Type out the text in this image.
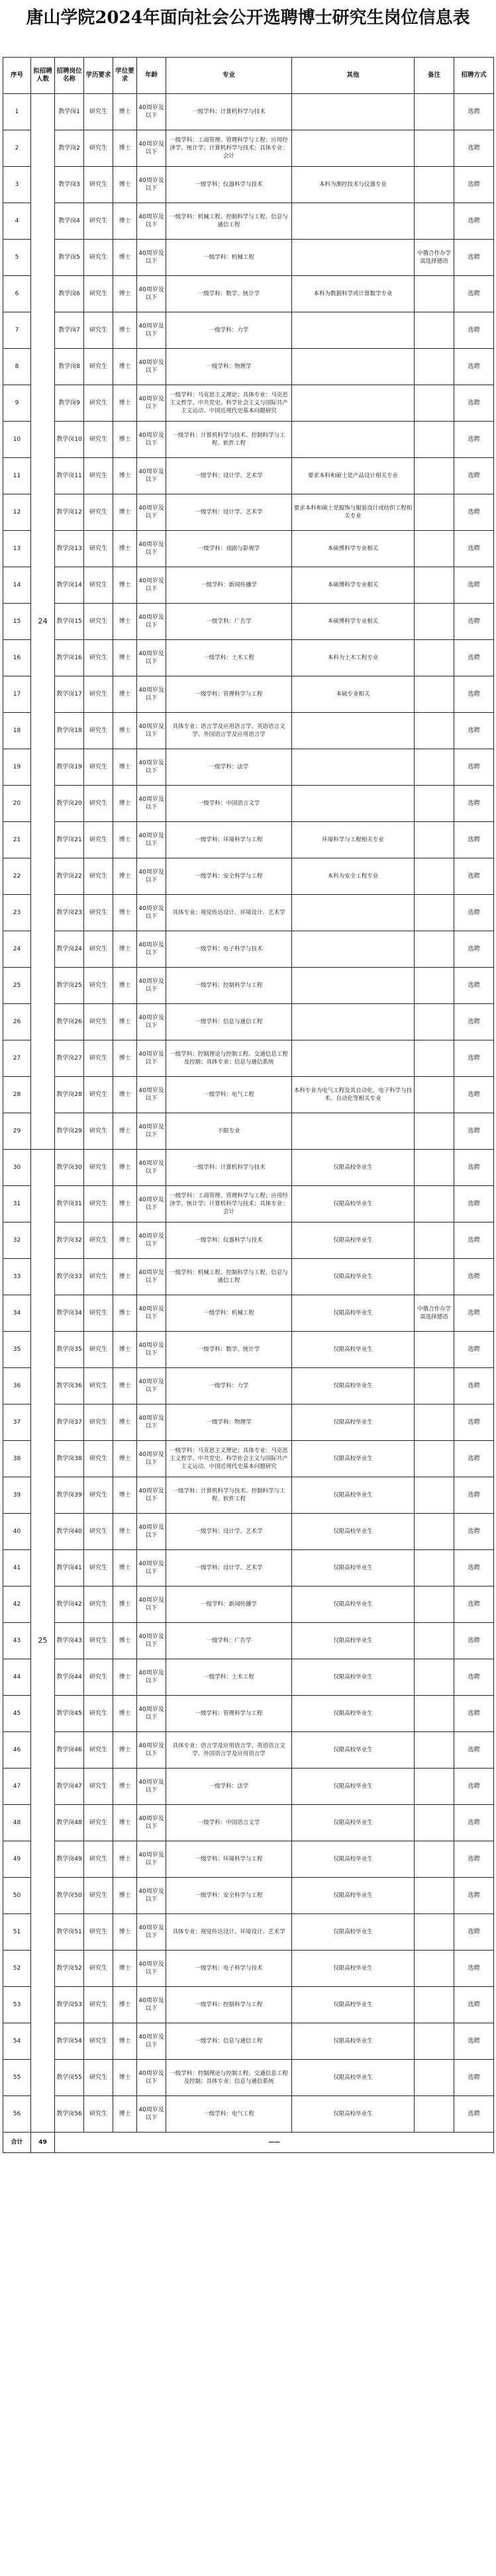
唐山学院2024年面向社会公开选聘博士研究生岗位信息表
序号	拟招聘人数	招聘岗位名称	学历要求	学位要求	年龄	专业	其他	备注	招聘方式
1	24	教学岗1	研究生	博士	40周岁及以下	一级学科：计算机科学与技术			选聘
2		教学岗2	研究生	博士	40周岁及以下	一级学科：工商管理、管理科学与工程；应用经济学、统计学；计算机科学与技术；具体专业：会计			选聘
3		教学岗3	研究生	博士	40周岁及以下	一级学科：仪器科学与技术	本科为测控技术与仪器专业		选聘
4		教学岗4	研究生	博士	40周岁及以下	一级学科：机械工程、控制科学与工程、信息与通信工程			选聘
5		教学岗5	研究生	博士	40周岁及以下	一级学科：机械工程		中俄合作办学需选择德语	选聘
6		教学岗6	研究生	博士	40周岁及以下	一级学科：数学、统计学	本科为数据科学或计算数学专业		选聘
7		教学岗7	研究生	博士	40周岁及以下	一级学科：力学			选聘
8		教学岗8	研究生	博士	40周岁及以下	一级学科：物理学			选聘
9		教学岗9	研究生	博士	40周岁及以下	一级学科：马克思主义理论；具体专业：马克思主义哲学、中共党史、科学社会主义与国际共产主义运动、中国近现代史基本问题研究			选聘
10		教学岗10	研究生	博士	40周岁及以下	一级学科：计算机科学与技术、控制科学与工程、软件工程			选聘
11		教学岗11	研究生	博士	40周岁及以下	一级学科：设计学、艺术学	要求本科和硕士是产品设计相关专业		选聘
12		教学岗12	研究生	博士	40周岁及以下	一级学科：设计学、艺术学	要求本科和硕士是服饰与服装设计或纺织工程相关专业		选聘
13		教学岗13	研究生	博士	40周岁及以下	一级学科：戏剧与影视学	本硕博科学专业相关		选聘
14		教学岗14	研究生	博士	40周岁及以下	一级学科：新闻传播学	本硕博科学专业相关		选聘
15		教学岗15	研究生	博士	40周岁及以下	一级学科：广告学	本硕博科学专业相关		选聘
16		教学岗16	研究生	博士	40周岁及以下	一级学科：土木工程	本科为土木工程专业		选聘
17		教学岗17	研究生	博士	40周岁及以下	一级学科：管理科学与工程	本硕专业相关		选聘
18		教学岗18	研究生	博士	40周岁及以下	具体专业：语言学及应用语言学、英语语言文学、外国语言学及应用语言学			选聘
19		教学岗19	研究生	博士	40周岁及以下	一级学科：法学			选聘
20		教学岗20	研究生	博士	40周岁及以下	一级学科：中国语言文学			选聘
21		教学岗21	研究生	博士	40周岁及以下	一级学科：环境科学与工程	环境科学与工程相关专业		选聘
22		教学岗22	研究生	博士	40周岁及以下	一级学科：安全科学与工程	本科为安全工程专业		选聘
23		教学岗23	研究生	博士	40周岁及以下	具体专业：视觉传达设计、环境设计、艺术学			选聘
24		教学岗24	研究生	博士	40周岁及以下	一级学科：电子科学与技术			选聘
25		教学岗25	研究生	博士	40周岁及以下	一级学科：控制科学与工程			选聘
26		教学岗26	研究生	博士	40周岁及以下	一级学科：信息与通信工程			选聘
27		教学岗27	研究生	博士	40周岁及以下	一级学科：控制理论与控制工程、交通信息工程及控制；具体专业：信息与通信系统			选聘
28		教学岗28	研究生	博士	40周岁及以下	一级学科：电气工程	本科专业为电气工程及其自动化、电子科学与技术、自动化等相关专业		选聘
29		教学岗29	研究生	博士	40周岁及以下	不限专业			选聘
30	25	教学岗30	研究生	博士	40周岁及以下	一级学科：计算机科学与技术	仅限高校毕业生		选聘
31		教学岗31	研究生	博士	40周岁及以下	一级学科：工商管理、管理科学与工程；应用经济学、统计学；计算机科学与技术；具体专业：会计	仅限高校毕业生		选聘
32		教学岗32	研究生	博士	40周岁及以下	一级学科：仪器科学与技术	仅限高校毕业生		选聘
33		教学岗33	研究生	博士	40周岁及以下	一级学科：机械工程、控制科学与工程、信息与通信工程	仅限高校毕业生		选聘
34		教学岗34	研究生	博士	40周岁及以下	一级学科：机械工程	仅限高校毕业生	中俄合作办学需选择德语	选聘
35		教学岗35	研究生	博士	40周岁及以下	一级学科：数学、统计学	仅限高校毕业生		选聘
36		教学岗36	研究生	博士	40周岁及以下	一级学科：力学	仅限高校毕业生		选聘
37		教学岗37	研究生	博士	40周岁及以下	一级学科：物理学	仅限高校毕业生		选聘
38		教学岗38	研究生	博士	40周岁及以下	一级学科：马克思主义理论；具体专业：马克思主义哲学、中共党史、科学社会主义与国际共产主义运动、中国近现代史基本问题研究	仅限高校毕业生		选聘
39		教学岗39	研究生	博士	40周岁及以下	一级学科：计算机科学与技术、控制科学与工程、软件工程	仅限高校毕业生		选聘
40		教学岗40	研究生	博士	40周岁及以下	一级学科：设计学、艺术学	仅限高校毕业生		选聘
41		教学岗41	研究生	博士	40周岁及以下	一级学科：设计学、艺术学	仅限高校毕业生		选聘
42		教学岗42	研究生	博士	40周岁及以下	一级学科：新闻传播学	仅限高校毕业生		选聘
43		教学岗43	研究生	博士	40周岁及以下	一级学科：广告学	仅限高校毕业生		选聘
44		教学岗44	研究生	博士	40周岁及以下	一级学科：土木工程	仅限高校毕业生		选聘
45		教学岗45	研究生	博士	40周岁及以下	一级学科：管理科学与工程	仅限高校毕业生		选聘
46		教学岗46	研究生	博士	40周岁及以下	具体专业：语言学及应用语言学、英语语言文学、外国语言学及应用语言学	仅限高校毕业生		选聘
47		教学岗47	研究生	博士	40周岁及以下	一级学科：法学	仅限高校毕业生		选聘
48		教学岗48	研究生	博士	40周岁及以下	一级学科：中国语言文学	仅限高校毕业生		选聘
49		教学岗49	研究生	博士	40周岁及以下	一级学科：环境科学与工程	仅限高校毕业生		选聘
50		教学岗50	研究生	博士	40周岁及以下	一级学科：安全科学与工程	仅限高校毕业生		选聘
51		教学岗51	研究生	博士	40周岁及以下	具体专业：视觉传达设计、环境设计、艺术学	仅限高校毕业生		选聘
52		教学岗52	研究生	博士	40周岁及以下	一级学科：电子科学与技术	仅限高校毕业生		选聘
53		教学岗53	研究生	博士	40周岁及以下	一级学科：控制科学与工程	仅限高校毕业生		选聘
54		教学岗54	研究生	博士	40周岁及以下	一级学科：信息与通信工程	仅限高校毕业生		选聘
55		教学岗55	研究生	博士	40周岁及以下	一级学科：控制理论与控制工程、交通信息工程及控制；具体专业：信息与通信系统	仅限高校毕业生		选聘
56		教学岗56	研究生	博士	40周岁及以下	一级学科：电气工程	仅限高校毕业生		选聘
合计	49	——							
